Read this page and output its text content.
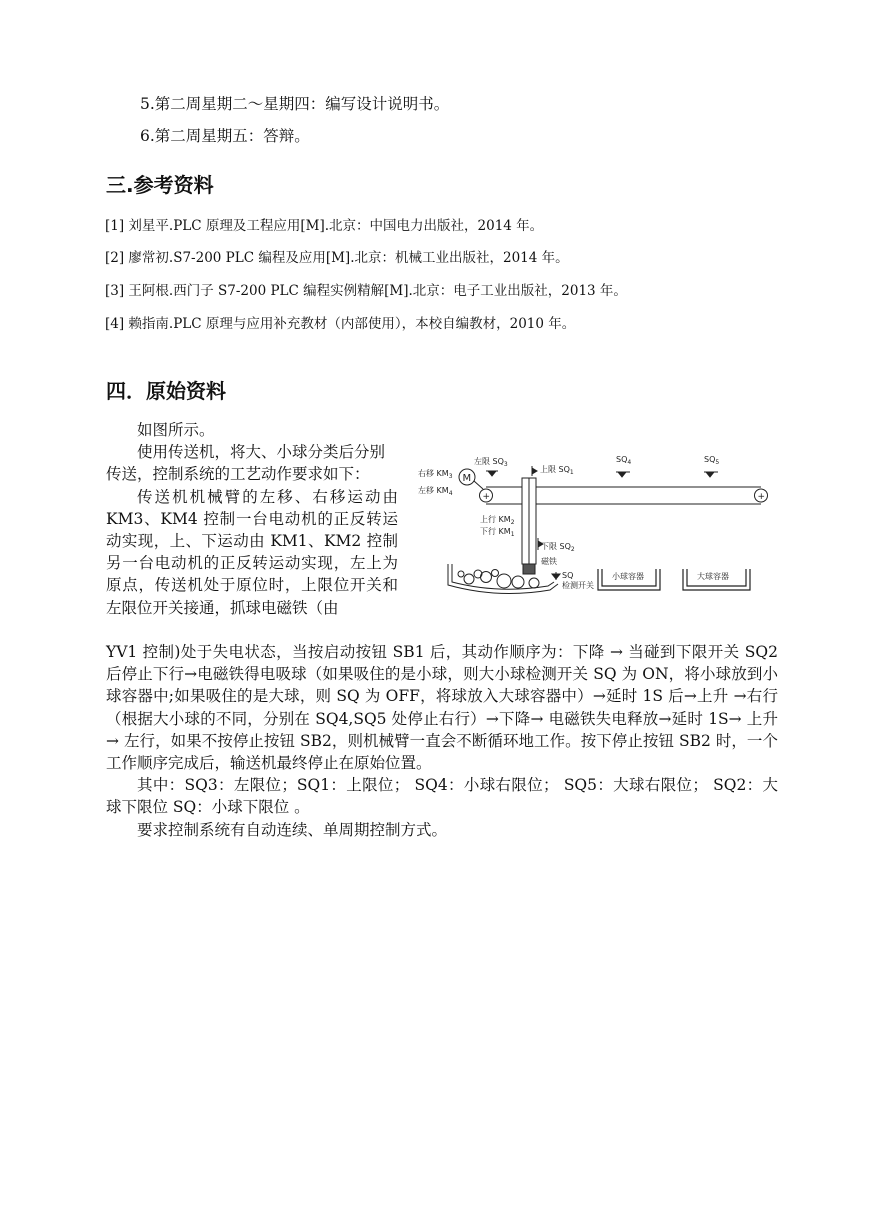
5.第二周星期二～星期四：编写设计说明书。
6.第二周星期五：答辩。
三.参考资料
[1] 刘星平.PLC 原理及工程应用[M].北京：中国电力出版社，2014 年。
[2] 廖常初.S7-200 PLC 编程及应用[M].北京：机械工业出版社，2014 年。
[3] 王阿根.西门子 S7-200 PLC 编程实例精解[M].北京：电子工业出版社，2013 年。
[4] 赖指南.PLC 原理与应用补充教材（内部使用），本校自编教材，2010 年。
四．原始资料

如图所示。

使用传送机，将大、小球分类后分别传送，控制系统的工艺动作要求如下：

传送机机械臂的左移、右移运动由KM3、KM4 控制一台电动机的正反转运动实现，上、下运动由 KM1、KM2 控制另一台电动机的正反转运动实现，左上为原点，传送机处于原位时，上限位开关和左限位开关接通，抓球电磁铁（由

YV1 控制)处于失电状态，当按启动按钮 SB1 后，其动作顺序为：下降 → 当碰到下限开关 SQ2 后停止下行→电磁铁得电吸球（如果吸住的是小球，则大小球检测开关 SQ 为 ON，将小球放到小球容器中;如果吸住的是大球，则 SQ 为 OFF，将球放入大球容器中）→延时 1S 后→上升 →右行（根据大小球的不同，分别在 SQ4,SQ5 处停止右行）→下降→ 电磁铁失电释放→延时 1S→ 上升 → 左行，如果不按停止按钮 SB2，则机械臂一直会不断循环地工作。按下停止按钮 SB2 时，一个工作顺序完成后，输送机最终停止在原始位置。

其中：SQ3：左限位；SQ1：上限位； SQ4：小球右限位； SQ5：大球右限位； SQ2：大球下限位 SQ：小球下限位 。

要求控制系统有自动连续、单周期控制方式。

+	+
M
右移 $KM_3$
左移 $KM_4$
左限 $SQ_3$
上限 $SQ_1$
$SQ_4$	$SQ_5$
上行 $KM_2$
下行 $KM_1$
下限 $SQ_2$
磁铁
SQ
检测开关
小球容器	大球容器
